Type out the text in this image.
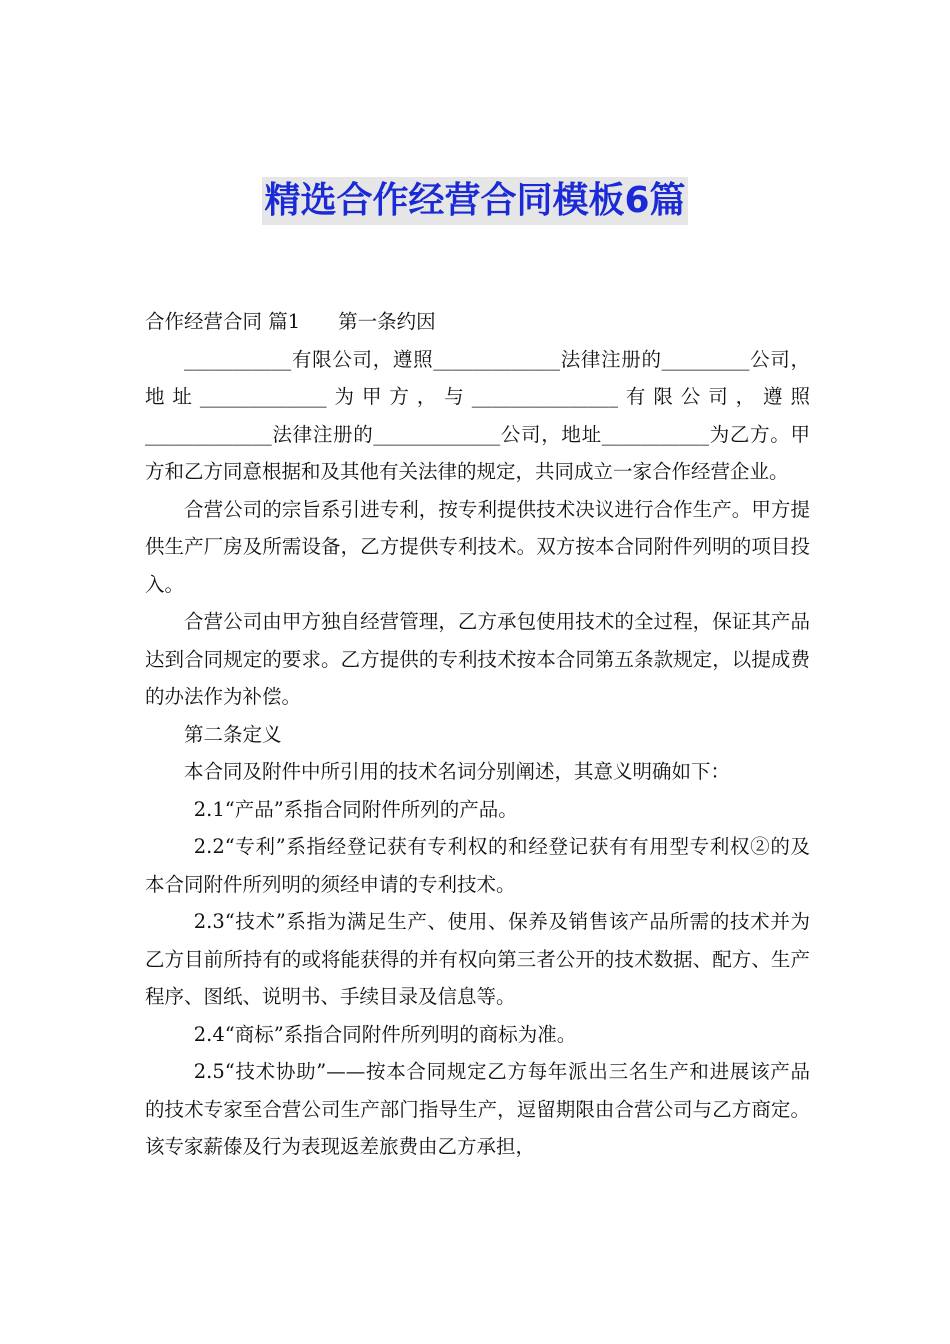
精选合作经营合同模板6篇

合作经营合同 篇1 第一条约因

___________有限公司，遵照_____________法律注册的_________公司，地址_____________为甲方，与_______________有限公司，遵照_____________法律注册的_____________公司，地址___________为乙方。甲方和乙方同意根据和及其他有关法律的规定，共同成立一家合作经营企业。

合营公司的宗旨系引进专利，按专利提供技术决议进行合作生产。甲方提供生产厂房及所需设备，乙方提供专利技术。双方按本合同附件列明的项目投入。

合营公司由甲方独自经营管理，乙方承包使用技术的全过程，保证其产品达到合同规定的要求。乙方提供的专利技术按本合同第五条款规定，以提成费的办法作为补偿。

第二条定义

本合同及附件中所引用的技术名词分别阐述，其意义明确如下：

2.1“产品”系指合同附件所列的产品。

2.2“专利”系指经登记获有专利权的和经登记获有有用型专利权②的及本合同附件所列明的须经申请的专利技术。

2.3“技术”系指为满足生产、使用、保养及销售该产品所需的技术并为乙方目前所持有的或将能获得的并有权向第三者公开的技术数据、配方、生产程序、图纸、说明书、手续目录及信息等。

2.4“商标”系指合同附件所列明的商标为准。

2.5“技术协助”——按本合同规定乙方每年派出三名生产和进展该产品的技术专家至合营公司生产部门指导生产，逗留期限由合营公司与乙方商定。该专家薪傣及行为表现返差旅费由乙方承担，
